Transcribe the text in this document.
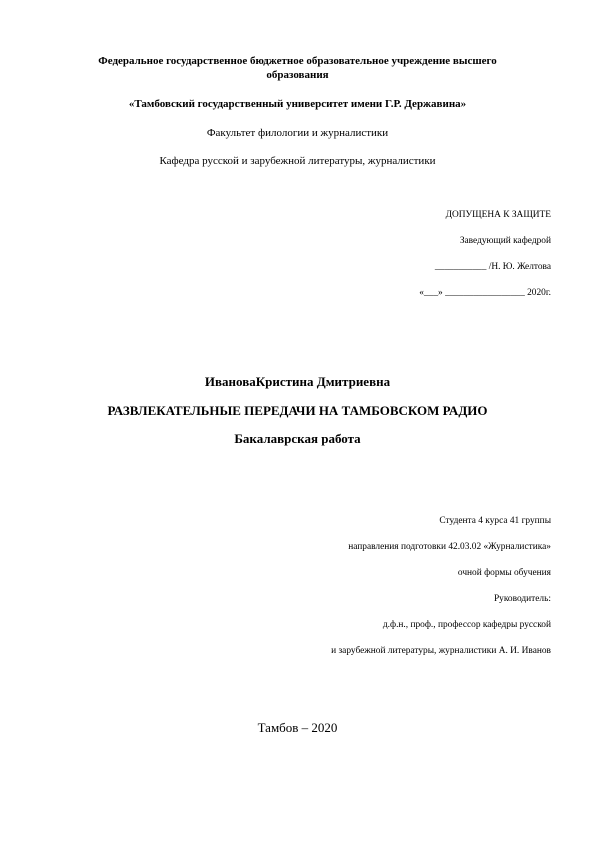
Федеральное государственное бюджетное образовательное учреждение высшего
образования
«Тамбовский государственный университет имени Г.Р. Державина»
Факультет филологии и журналистики
Кафедра русской и зарубежной литературы, журналистики
ДОПУЩЕНА К ЗАЩИТЕ
Заведующий кафедрой
___________ /Н. Ю. Желтова
«___» _________________ 2020г.
ИвановаКристина Дмитриевна
РАЗВЛЕКАТЕЛЬНЫЕ ПЕРЕДАЧИ НА ТАМБОВСКОМ РАДИО
Бакалаврская работа
Студента 4 курса 41 группы
направления подготовки 42.03.02 «Журналистика»
очной формы обучения
Руководитель:
д.ф.н., проф., профессор кафедры русской
и зарубежной литературы, журналистики А. И. Иванов
Тамбов – 2020
